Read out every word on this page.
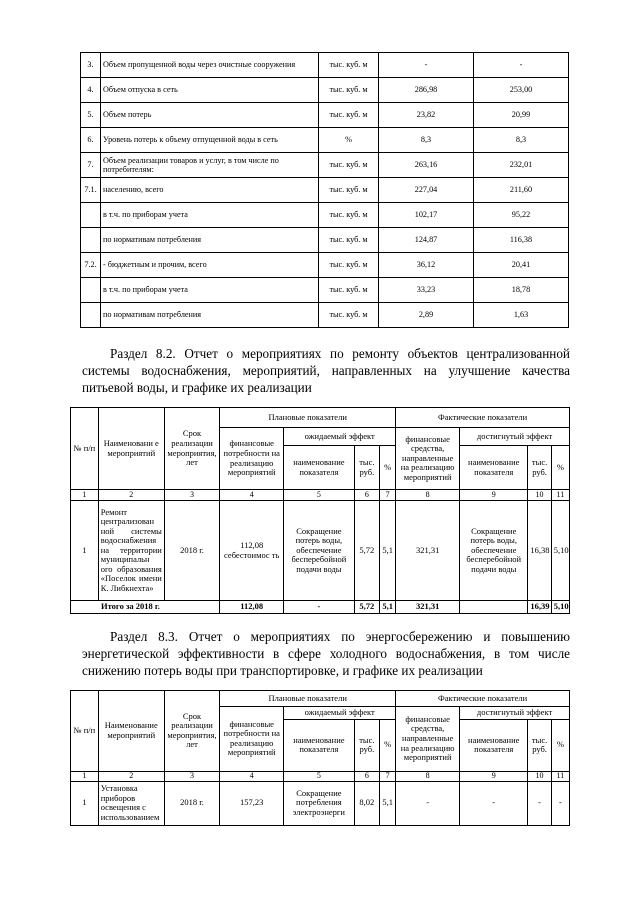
3.	Объем пропущенной воды через очистные сооружения	тыс. куб. м	-	-
4.	Объем отпуска в сеть	тыс. куб. м	286,98	253,00
5.	Объем потерь	тыс. куб. м	23,82	20,99
6.	Уровень потерь к объему отпущенной воды в сеть	%	8,3	8,3
7.	Объем реализации товаров и услуг, в том числе по потребителям:	тыс. куб. м	263,16	232,01
7.1.	населению, всего	тыс. куб. м	227,04	211,60
	в т.ч. по приборам учета	тыс. куб. м	102,17	95,22
	по нормативам потребления	тыс. куб. м	124,87	116,38
7.2.	- бюджетным и прочим, всего	тыс. куб. м	36,12	20,41
	в т.ч. по приборам учета	тыс. куб. м	33,23	18,78
	по нормативам потребления	тыс. куб. м	2,89	1,63

Раздел 8.2. Отчет о мероприятиях по ремонту объектов централизованной системы водоснабжения, мероприятий, направленных на улучшение качества питьевой воды, и графике их реализации

№ п/п	Наименовани е мероприятий	Срок реализации мероприятия, лет	Плановые показатели				Фактические показатели			
			финансовые потребности на реализацию мероприятий	ожидаемый эффект			финансовые средства, направленные на реализацию мероприятий	достигнутый эффект		
				наименование показателя	тыс. руб.	%		наименование показателя	тыс. руб.	%
1	2	3	4	5	6	7	8	9	10	11
1	Ремонт централизован ной системы водоснабжения на территории муниципальн ого образования «Поселок имени К. Либкнехта»	2018 г.	112,08 себестоимос ть	Сокращение потерь воды, обеспечение бесперебойной подачи воды	5,72	5,1	321,31	Сокращение потерь воды, обеспечение бесперебойной подачи воды	16,38	5,10
Итого за 2018 г.			112,08	-	5,72	5,1	321,31		16,39	5,10

Раздел 8.3. Отчет о мероприятиях по энергосбережению и повышению энергетической эффективности в сфере холодного водоснабжения, в том числе снижению потерь воды при транспортировке, и графике их реализации

№ п/п	Наименование мероприятий	Срок реализации мероприятия, лет	Плановые показатели				Фактические показатели			
			финансовые потребности на реализацию мероприятий	ожидаемый эффект			финансовые средства, направленные на реализацию мероприятий	достигнутый эффект		
				наименование показателя	тыс. руб.	%		наименование показателя	тыс. руб.	%
1	2	3	4	5	6	7	8	9	10	11
1	Установка приборов освещения с использованием	2018 г.	157,23	Сокращение потребления электроэнерги	8,02	5,1	-	-	-	-
